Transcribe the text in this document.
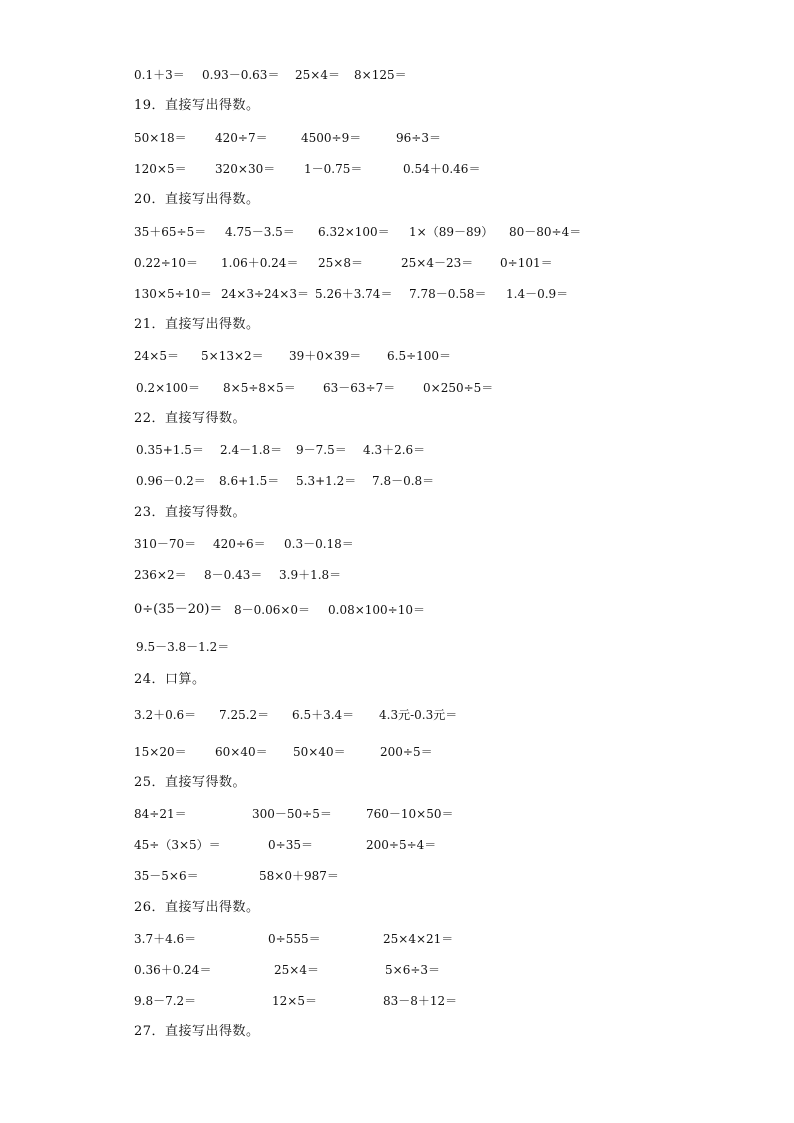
0.1＋3＝ 0.93－0.63＝ 25×4＝ 8×125＝
19．直接写出得数。
50×18＝ 420÷7＝	4500÷9＝	96÷3＝
120×5＝ 320×30＝ 1－0.75＝	0.54＋0.46＝
20．直接写出得数。
35＋65÷5＝ 4.75－3.5＝ 6.32×100＝ 1×（89－89） 80－80÷4＝
0.22÷10＝ 1.06＋0.24＝ 25×8＝	25×4－23＝ 0÷101＝
130×5÷10＝ 24×3÷24×3＝ 5.26＋3.74＝ 7.78－0.58＝ 1.4－0.9＝
21．直接写出得数。
24×5＝ 5×13×2＝ 39＋0×39＝ 6.5÷100＝
0.2×100＝ 8×5÷8×5＝ 63－63÷7＝ 0×250÷5＝
22．直接写得数。
0.35+1.5＝ 2.4－1.8＝ 9－7.5＝ 4.3＋2.6＝
0.96－0.2＝ 8.6+1.5＝ 5.3+1.2＝ 7.8－0.8＝
23．直接写得数。
310－70＝ 420÷6＝ 0.3－0.18＝
236×2＝ 8－0.43＝ 3.9＋1.8＝
0÷(35－20)＝ 8－0.06×0＝ 0.08×100÷10＝
9.5－3.8－1.2＝
24．口算。
3.2＋0.6＝ 7.25.2＝ 6.5＋3.4＝ 4.3元-0.3元＝
15×20＝ 60×40＝ 50×40＝	200÷5＝
25．直接写得数。
84÷21＝	300－50÷5＝	760－10×50＝
45÷（3×5）＝	0÷35＝	200÷5÷4＝
35－5×6＝	58×0＋987＝
26．直接写出得数。
3.7＋4.6＝	0÷555＝	25×4×21＝
0.36＋0.24＝	25×4＝	5×6÷3＝
9.8－7.2＝	12×5＝	83－8＋12＝
27．直接写出得数。
